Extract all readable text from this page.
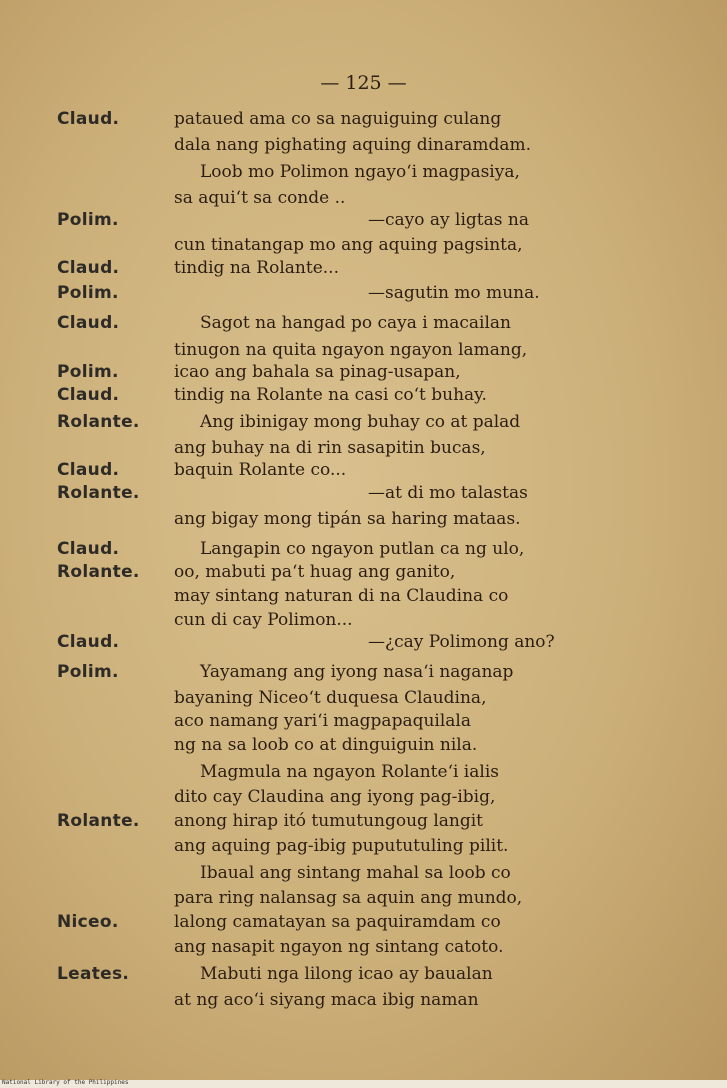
— 125 —
Claud.	pataued ama co sa naguiguing culang
dala nang pighating aquing dinaramdam.
Loob mo Polimon ngayo‘i magpasiya,
sa aqui‘t sa conde ..
Polim.	—cayo ay ligtas na
cun tinatangap mo ang aquing pagsinta,
Claud.	tindig na Rolante...
Polim.	—sagutin mo muna.
Claud.	Sagot na hangad po caya i macailan
tinugon na quita ngayon ngayon lamang,
Polim.	icao ang bahala sa pinag-usapan,
Claud.	tindig na Rolante na casi co‘t buhay.
Rolante.	Ang ibinigay mong buhay co at palad
ang buhay na di rin sasapitin bucas,
Claud.	baquin Rolante co...
Rolante.	—at di mo talastas
ang bigay mong tipán sa haring mataas.
Claud.	Langapin co ngayon putlan ca ng ulo,
Rolante. oo, mabuti pa‘t huag ang ganito,
may sintang naturan di na Claudina co
cun di cay Polimon...
Claud.	—¿cay Polimong ano?
Polim.	Yayamang ang iyong nasa‘i naganap
bayaning Niceo‘t duquesa Claudina,
aco namang yari‘i magpapaquilala
ng na sa loob co at dinguiguin nila.
Magmula na ngayon Rolante‘i ialis
dito cay Claudina ang iyong pag-ibig,
Rolante. anong hirap itó tumutungoug langit
ang aquing pag-ibig pupututuling pilit.
Ibaual ang sintang mahal sa loob co
para ring nalansag sa aquin ang mundo,
Niceo.	lalong camatayan sa paquiramdam co
ang nasapit ngayon ng sintang catoto.
Leates.	Mabuti nga lilong icao ay baualan
at ng aco‘i siyang maca ibig naman
National Library of the Philippines
